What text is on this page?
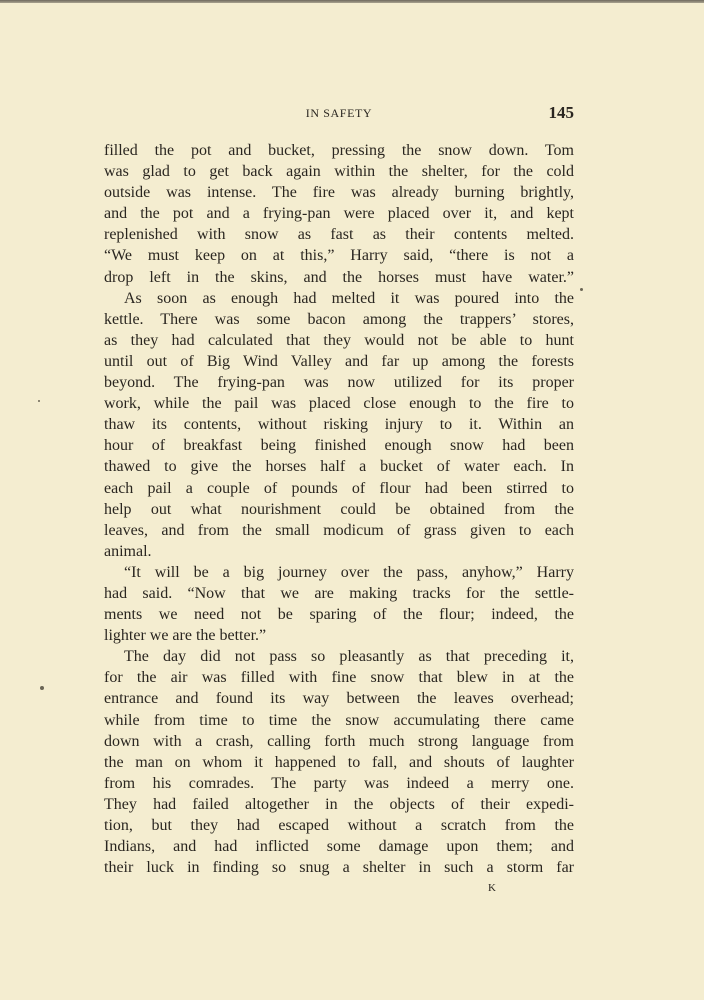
IN SAFETY	145
filled the pot and bucket, pressing the snow down. Tom
was glad to get back again within the shelter, for the cold
outside was intense. The fire was already burning brightly,
and the pot and a frying-pan were placed over it, and kept
replenished with snow as fast as their contents melted.
“We must keep on at this,” Harry said, “there is not a
drop left in the skins, and the horses must have water.”
As soon as enough had melted it was poured into the
kettle. There was some bacon among the trappers’ stores,
as they had calculated that they would not be able to hunt
until out of Big Wind Valley and far up among the forests
beyond. The frying-pan was now utilized for its proper
work, while the pail was placed close enough to the fire to
thaw its contents, without risking injury to it. Within an
hour of breakfast being finished enough snow had been
thawed to give the horses half a bucket of water each. In
each pail a couple of pounds of flour had been stirred to
help out what nourishment could be obtained from the
leaves, and from the small modicum of grass given to each
animal.
“It will be a big journey over the pass, anyhow,” Harry
had said. “Now that we are making tracks for the settle-
ments we need not be sparing of the flour; indeed, the
lighter we are the better.”
The day did not pass so pleasantly as that preceding it,
for the air was filled with fine snow that blew in at the
entrance and found its way between the leaves overhead;
while from time to time the snow accumulating there came
down with a crash, calling forth much strong language from
the man on whom it happened to fall, and shouts of laughter
from his comrades. The party was indeed a merry one.
They had failed altogether in the objects of their expedi-
tion, but they had escaped without a scratch from the
Indians, and had inflicted some damage upon them; and
their luck in finding so snug a shelter in such a storm far
K
